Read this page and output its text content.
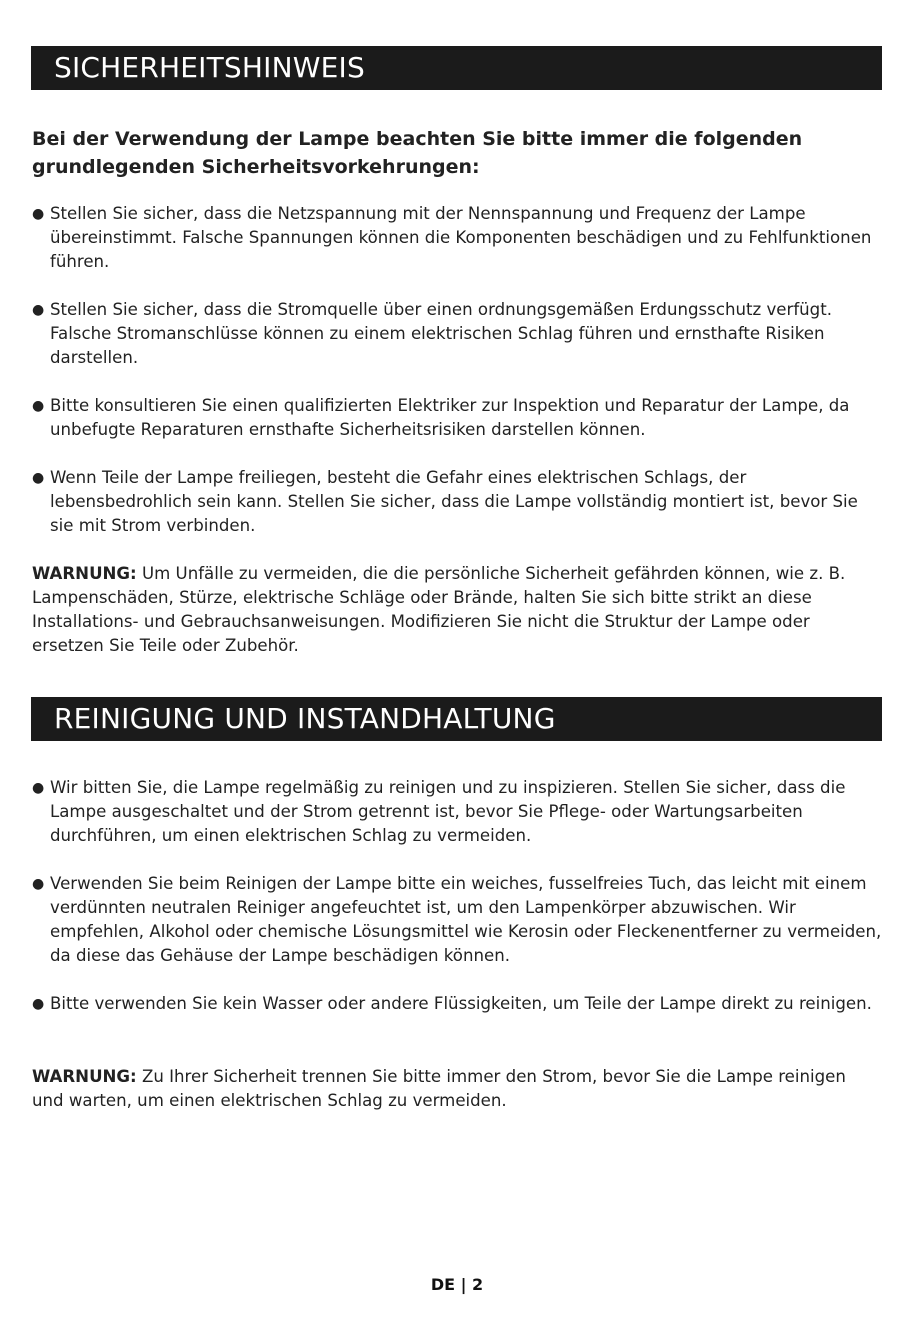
SICHERHEITSHINWEIS

Bei der Verwendung der Lampe beachten Sie bitte immer die folgenden grundlegenden Sicherheitsvorkehrungen:

● Stellen Sie sicher, dass die Netzspannung mit der Nennspannung und Frequenz der Lampe übereinstimmt. Falsche Spannungen können die Komponenten beschädigen und zu Fehlfunktionen führen.
● Stellen Sie sicher, dass die Stromquelle über einen ordnungsgemäßen Erdungsschutz verfügt. Falsche Stromanschlüsse können zu einem elektrischen Schlag führen und ernsthafte Risiken darstellen.
● Bitte konsultieren Sie einen qualifizierten Elektriker zur Inspektion und Reparatur der Lampe, da unbefugte Reparaturen ernsthafte Sicherheitsrisiken darstellen können.
● Wenn Teile der Lampe freiliegen, besteht die Gefahr eines elektrischen Schlags, der lebensbedrohlich sein kann. Stellen Sie sicher, dass die Lampe vollständig montiert ist, bevor Sie sie mit Strom verbinden.

WARNUNG: Um Unfälle zu vermeiden, die die persönliche Sicherheit gefährden können, wie z. B. Lampenschäden, Stürze, elektrische Schläge oder Brände, halten Sie sich bitte strikt an diese Installations- und Gebrauchsanweisungen. Modifizieren Sie nicht die Struktur der Lampe oder ersetzen Sie Teile oder Zubehör.

REINIGUNG UND INSTANDHALTUNG
● Wir bitten Sie, die Lampe regelmäßig zu reinigen und zu inspizieren. Stellen Sie sicher, dass die Lampe ausgeschaltet und der Strom getrennt ist, bevor Sie Pflege- oder Wartungsarbeiten durchführen, um einen elektrischen Schlag zu vermeiden.
● Verwenden Sie beim Reinigen der Lampe bitte ein weiches, fusselfreies Tuch, das leicht mit einem verdünnten neutralen Reiniger angefeuchtet ist, um den Lampenkörper abzuwischen. Wir empfehlen, Alkohol oder chemische Lösungsmittel wie Kerosin oder Fleckenentferner zu vermeiden, da diese das Gehäuse der Lampe beschädigen können.
● Bitte verwenden Sie kein Wasser oder andere Flüssigkeiten, um Teile der Lampe direkt zu reinigen.

WARNUNG: Zu Ihrer Sicherheit trennen Sie bitte immer den Strom, bevor Sie die Lampe reinigen und warten, um einen elektrischen Schlag zu vermeiden.

DE | 2
